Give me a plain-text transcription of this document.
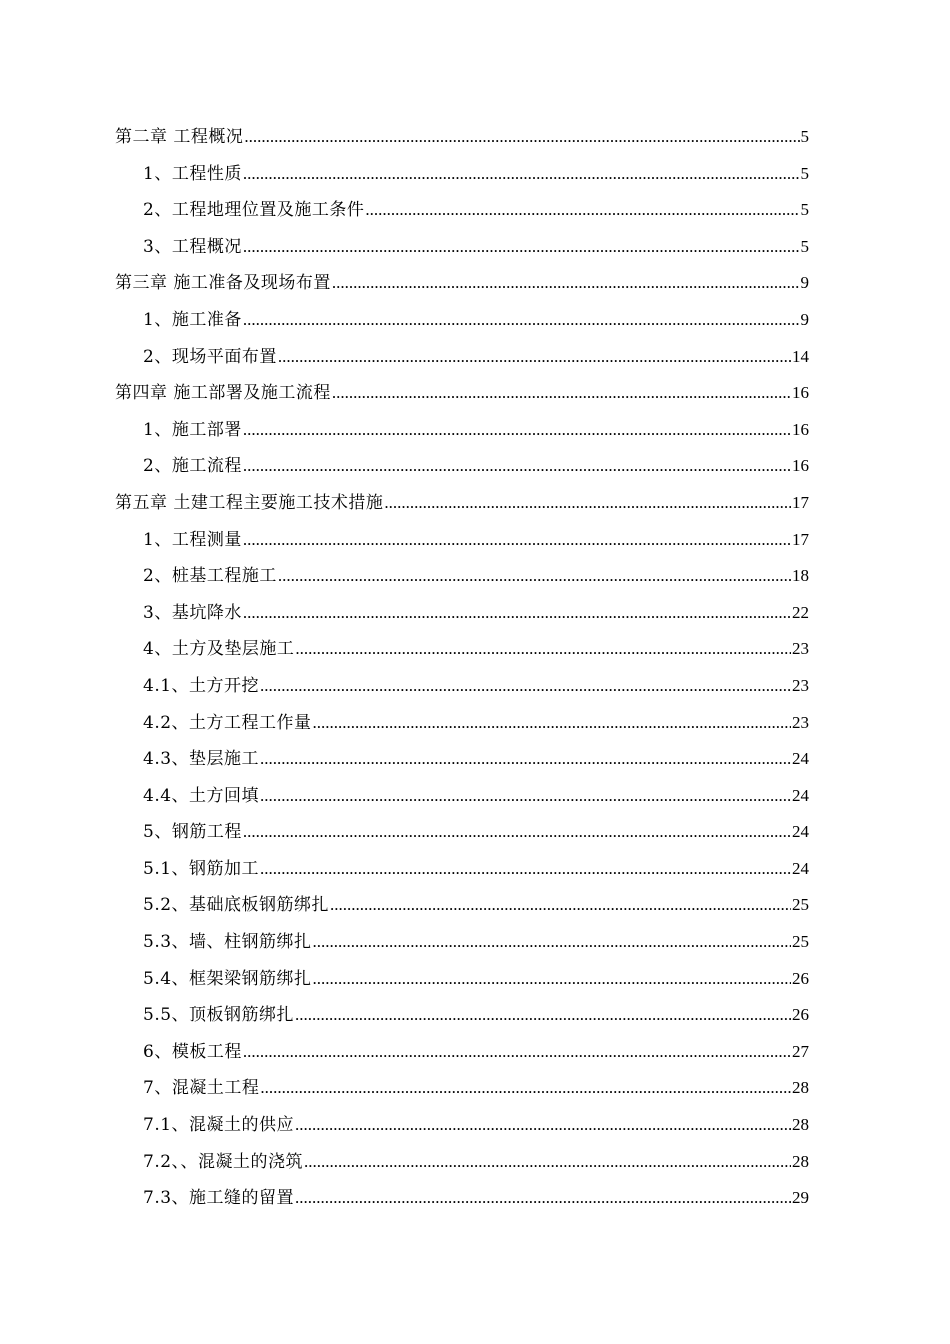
第二章 工程概况 .....	5
1、工程性质 .....	5
2、工程地理位置及施工条件 .....	5
3、工程概况 .....	5
第三章 施工准备及现场布置 .....	9
1、施工准备 .....	9
2、现场平面布置 .....	14
第四章 施工部署及施工流程 .....	16
1、施工部署 .....	16
2、施工流程 .....	16
第五章 土建工程主要施工技术措施 .....	17
1、工程测量 .....	17
2、桩基工程施工 .....	18
3、基坑降水 .....	22
4、土方及垫层施工 .....	23
4.1、土方开挖 .....	23
4.2、土方工程工作量 .....	23
4.3、垫层施工 .....	24
4.4、土方回填 .....	24
5、钢筋工程 .....	24
5.1、钢筋加工 .....	24
5.2、基础底板钢筋绑扎 .....	25
5.3、墙、柱钢筋绑扎 .....	25
5.4、框架梁钢筋绑扎 .....	26
5.5、顶板钢筋绑扎 .....	26
6、模板工程 .....	27
7、混凝土工程 .....	28
7.1、混凝土的供应 .....	28
7.2、、混凝土的浇筑 .....	28
7.3、施工缝的留置 .....	29
